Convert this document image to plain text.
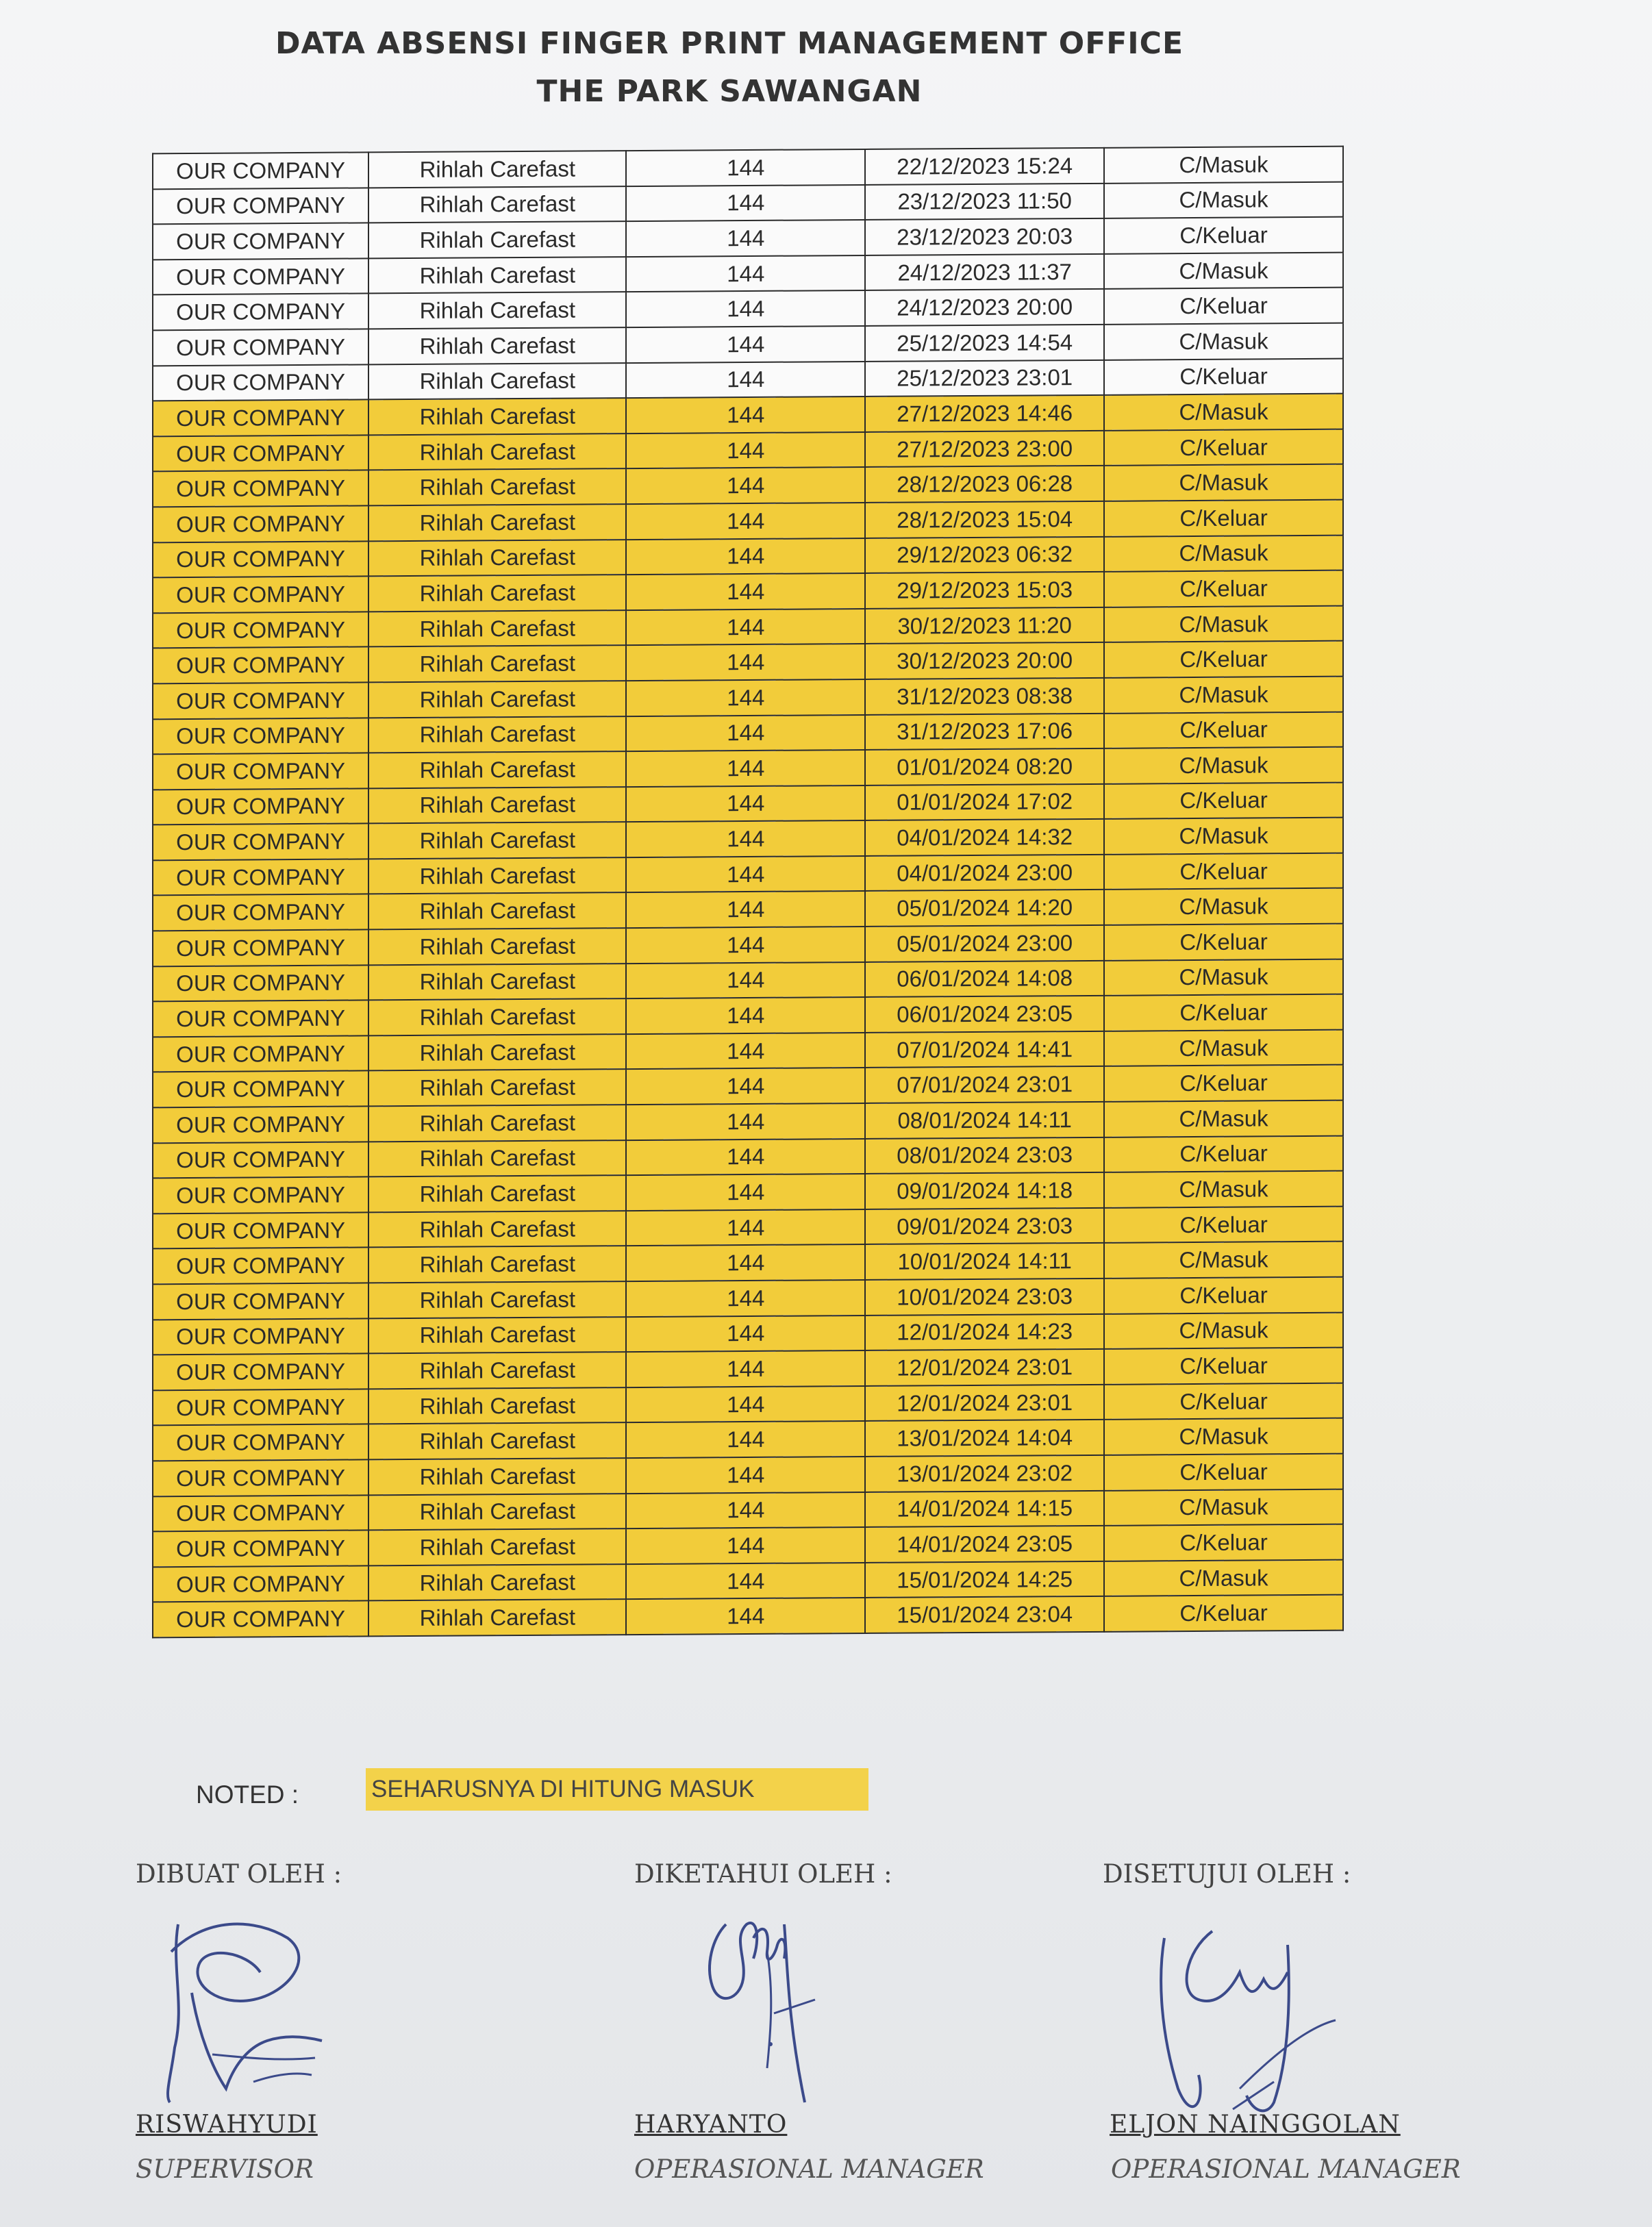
DATA ABSENSI FINGER PRINT MANAGEMENT OFFICE
THE PARK SAWANGAN
OUR COMPANY	Rihlah Carefast	144	22/12/2023 15:24	C/Masuk
OUR COMPANY	Rihlah Carefast	144	23/12/2023 11:50	C/Masuk
OUR COMPANY	Rihlah Carefast	144	23/12/2023 20:03	C/Keluar
OUR COMPANY	Rihlah Carefast	144	24/12/2023 11:37	C/Masuk
OUR COMPANY	Rihlah Carefast	144	24/12/2023 20:00	C/Keluar
OUR COMPANY	Rihlah Carefast	144	25/12/2023 14:54	C/Masuk
OUR COMPANY	Rihlah Carefast	144	25/12/2023 23:01	C/Keluar
OUR COMPANY	Rihlah Carefast	144	27/12/2023 14:46	C/Masuk
OUR COMPANY	Rihlah Carefast	144	27/12/2023 23:00	C/Keluar
OUR COMPANY	Rihlah Carefast	144	28/12/2023 06:28	C/Masuk
OUR COMPANY	Rihlah Carefast	144	28/12/2023 15:04	C/Keluar
OUR COMPANY	Rihlah Carefast	144	29/12/2023 06:32	C/Masuk
OUR COMPANY	Rihlah Carefast	144	29/12/2023 15:03	C/Keluar
OUR COMPANY	Rihlah Carefast	144	30/12/2023 11:20	C/Masuk
OUR COMPANY	Rihlah Carefast	144	30/12/2023 20:00	C/Keluar
OUR COMPANY	Rihlah Carefast	144	31/12/2023 08:38	C/Masuk
OUR COMPANY	Rihlah Carefast	144	31/12/2023 17:06	C/Keluar
OUR COMPANY	Rihlah Carefast	144	01/01/2024 08:20	C/Masuk
OUR COMPANY	Rihlah Carefast	144	01/01/2024 17:02	C/Keluar
OUR COMPANY	Rihlah Carefast	144	04/01/2024 14:32	C/Masuk
OUR COMPANY	Rihlah Carefast	144	04/01/2024 23:00	C/Keluar
OUR COMPANY	Rihlah Carefast	144	05/01/2024 14:20	C/Masuk
OUR COMPANY	Rihlah Carefast	144	05/01/2024 23:00	C/Keluar
OUR COMPANY	Rihlah Carefast	144	06/01/2024 14:08	C/Masuk
OUR COMPANY	Rihlah Carefast	144	06/01/2024 23:05	C/Keluar
OUR COMPANY	Rihlah Carefast	144	07/01/2024 14:41	C/Masuk
OUR COMPANY	Rihlah Carefast	144	07/01/2024 23:01	C/Keluar
OUR COMPANY	Rihlah Carefast	144	08/01/2024 14:11	C/Masuk
OUR COMPANY	Rihlah Carefast	144	08/01/2024 23:03	C/Keluar
OUR COMPANY	Rihlah Carefast	144	09/01/2024 14:18	C/Masuk
OUR COMPANY	Rihlah Carefast	144	09/01/2024 23:03	C/Keluar
OUR COMPANY	Rihlah Carefast	144	10/01/2024 14:11	C/Masuk
OUR COMPANY	Rihlah Carefast	144	10/01/2024 23:03	C/Keluar
OUR COMPANY	Rihlah Carefast	144	12/01/2024 14:23	C/Masuk
OUR COMPANY	Rihlah Carefast	144	12/01/2024 23:01	C/Keluar
OUR COMPANY	Rihlah Carefast	144	12/01/2024 23:01	C/Keluar
OUR COMPANY	Rihlah Carefast	144	13/01/2024 14:04	C/Masuk
OUR COMPANY	Rihlah Carefast	144	13/01/2024 23:02	C/Keluar
OUR COMPANY	Rihlah Carefast	144	14/01/2024 14:15	C/Masuk
OUR COMPANY	Rihlah Carefast	144	14/01/2024 23:05	C/Keluar
OUR COMPANY	Rihlah Carefast	144	15/01/2024 14:25	C/Masuk
OUR COMPANY	Rihlah Carefast	144	15/01/2024 23:04	C/Keluar
NOTED :	SEHARUSNYA DI HITUNG MASUK
DIBUAT OLEH :
RISWAHYUDI
SUPERVISOR
DIKETAHUI OLEH :
HARYANTO
OPERASIONAL MANAGER
DISETUJUI OLEH :
ELJON NAINGGOLAN
OPERASIONAL MANAGER
